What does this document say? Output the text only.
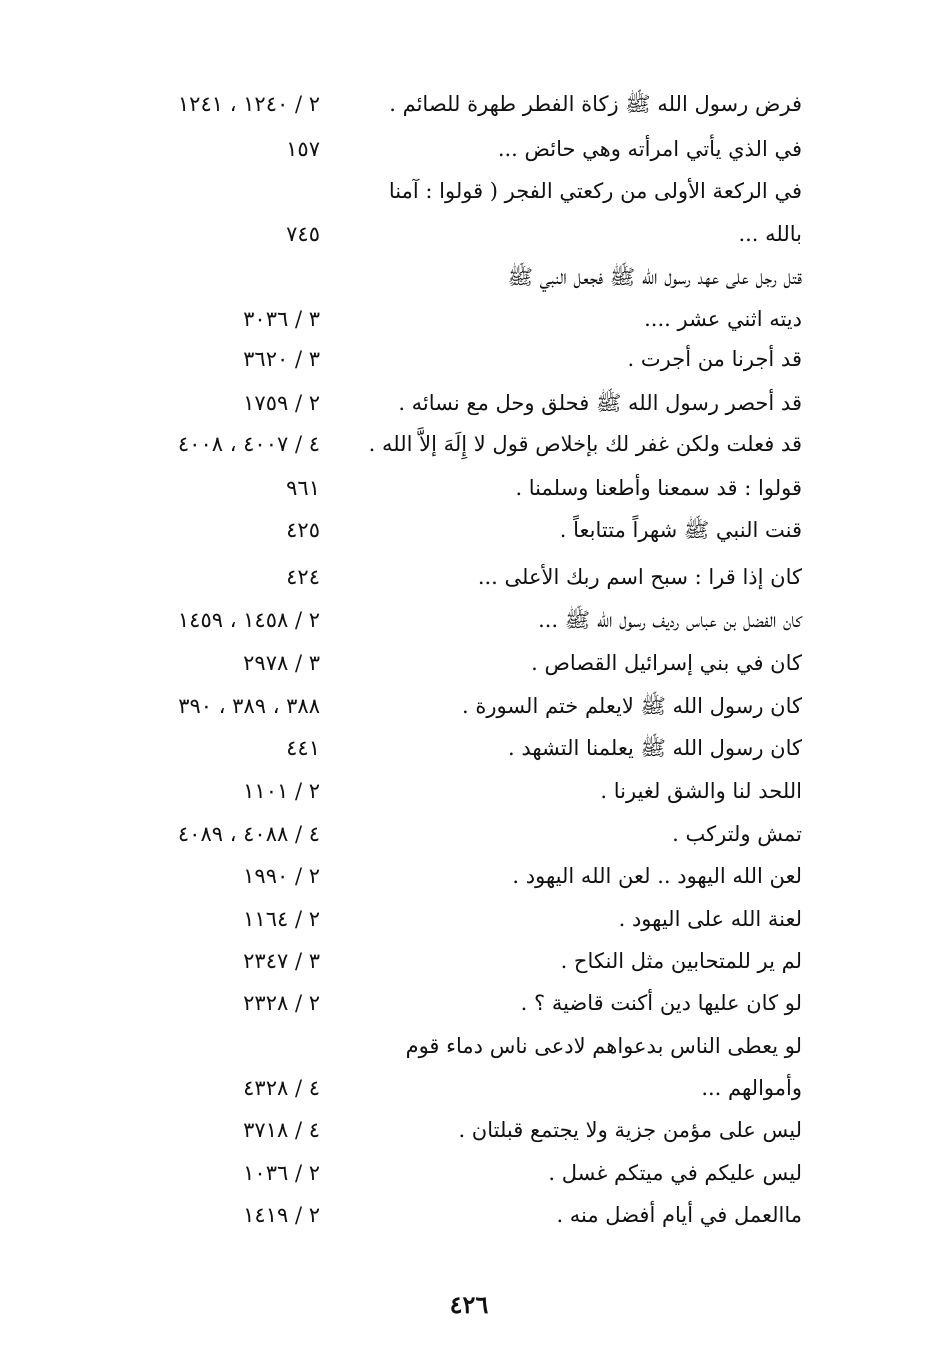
فرض رسول الله ﷺ زكاة الفطر طهرة للصائم .
٢ / ١٢٤٠ ، ١٢٤١
في الذي يأتي امرأته وهي حائض ...
١٥٧
في الركعة الأولى من ركعتي الفجر ( قولوا : آمنا
بالله ...
٧٤٥
قتل رجل على عهد رسول الله ﷺ فجعل النبي ﷺ
ديته اثني عشر ....
٣ / ٣٠٣٦
قد أجرنا من أجرت .
٣ / ٣٦٢٠
قد أحصر رسول الله ﷺ فحلق وحل مع نسائه .
٢ / ١٧٥٩
قد فعلت ولكن غفر لك بإخلاص قول لا إِلَهَ إلاَّ الله .
٤ / ٤٠٠٧ ، ٤٠٠٨
قولوا : قد سمعنا وأطعنا وسلمنا .
٩٦١
قنت النبي ﷺ شهراً متتابعاً .
٤٢٥
كان إذا قرا : سبح اسم ربك الأعلى ...
٤٢٤
كان الفضل بن عباس رديف رسول الله ﷺ ...
٢ / ١٤٥٨ ، ١٤٥٩
كان في بني إسرائيل القصاص .
٣ / ٢٩٧٨
كان رسول الله ﷺ لايعلم ختم السورة .
٣٨٨ ، ٣٨٩ ، ٣٩٠
كان رسول الله ﷺ يعلمنا التشهد .
٤٤١
اللحد لنا والشق لغيرنا .
٢ / ١١٠١
تمش ولتركب .
٤ / ٤٠٨٨ ، ٤٠٨٩
لعن الله اليهود .. لعن الله اليهود .
٢ / ١٩٩٠
لعنة الله على اليهود .
٢ / ١١٦٤
لم ير للمتحابين مثل النكاح .
٣ / ٢٣٤٧
لو كان عليها دين أكنت قاضية ؟ .
٢ / ٢٣٢٨
لو يعطى الناس بدعواهم لادعى ناس دماء قوم
وأموالهم ...
٤ / ٤٣٢٨
ليس على مؤمن جزية ولا يجتمع قبلتان .
٤ / ٣٧١٨
ليس عليكم في ميتكم غسل .
٢ / ١٠٣٦
ماالعمل في أيام أفضل منه .
٢ / ١٤١٩
٤٢٦
